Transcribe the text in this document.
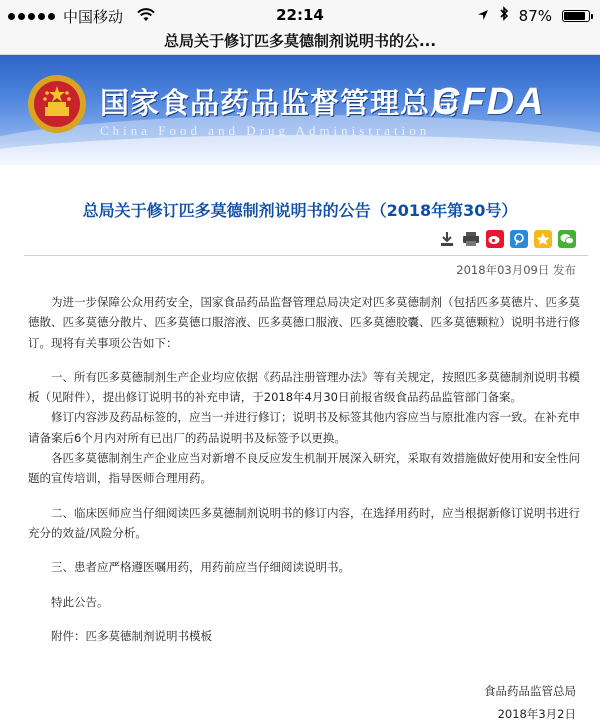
中国移动	22:14	87%
总局关于修订匹多莫德制剂说明书的公...
国家食品药品监督管理总局
China Food and Drug Administration
CFDA
总局关于修订匹多莫德制剂说明书的公告（2018年第30号）
2018年03月09日 发布

为进一步保障公众用药安全，国家食品药品监督管理总局决定对匹多莫德制剂（包括匹多莫德片、匹多莫德散、匹多莫德分散片、匹多莫德口服溶液、匹多莫德口服液、匹多莫德胶囊、匹多莫德颗粒）说明书进行修订。现将有关事项公告如下：

一、所有匹多莫德制剂生产企业均应依据《药品注册管理办法》等有关规定，按照匹多莫德制剂说明书模板（见附件），提出修订说明书的补充申请，于2018年4月30日前报省级食品药品监管部门备案。

修订内容涉及药品标签的，应当一并进行修订；说明书及标签其他内容应当与原批准内容一致。在补充申请备案后6个月内对所有已出厂的药品说明书及标签予以更换。

各匹多莫德制剂生产企业应当对新增不良反应发生机制开展深入研究，采取有效措施做好使用和安全性问题的宣传培训，指导医师合理用药。

二、临床医师应当仔细阅读匹多莫德制剂说明书的修订内容，在选择用药时，应当根据新修订说明书进行充分的效益/风险分析。

三、患者应严格遵医嘱用药，用药前应当仔细阅读说明书。

特此公告。

附件：匹多莫德制剂说明书模板

食品药品监管总局
2018年3月2日
